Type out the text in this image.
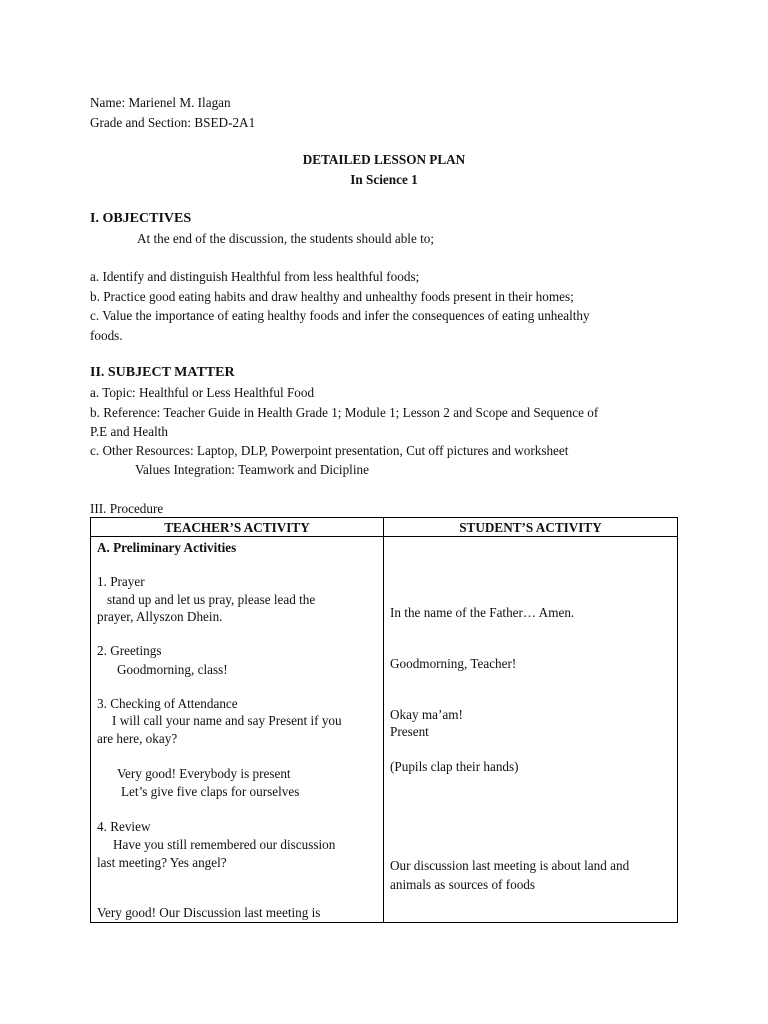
Name: Marienel M. Ilagan
Grade and Section: BSED-2A1
DETAILED LESSON PLAN
In Science 1
I. OBJECTIVES
At the end of the discussion, the students should able to;
a. Identify and distinguish Healthful from less healthful foods;
b. Practice good eating habits and draw healthy and unhealthy foods present in their homes;
c. Value the importance of eating healthy foods and infer the consequences of eating unhealthy
foods.
II. SUBJECT MATTER
a. Topic: Healthful or Less Healthful Food
b. Reference: Teacher Guide in Health Grade 1; Module 1; Lesson 2 and Scope and Sequence of
P.E and Health
c. Other Resources: Laptop, DLP, Powerpoint presentation, Cut off pictures and worksheet
Values Integration: Teamwork and Dicipline
III. Procedure
TEACHER’S ACTIVITY	STUDENT’S ACTIVITY
A. Preliminary Activities
1. Prayer
stand up and let us pray, please lead the
prayer, Allyszon Dhein.
2. Greetings
Goodmorning, class!
3. Checking of Attendance
I will call your name and say Present if you
are here, okay?
Very good! Everybody is present
Let’s give five claps for ourselves
4. Review
Have you still remembered our discussion
last meeting? Yes angel?
Very good! Our Discussion last meeting is
In the name of the Father… Amen.
Goodmorning, Teacher!
Okay ma’am!
Present
(Pupils clap their hands)
Our discussion last meeting is about land and
animals as sources of foods
